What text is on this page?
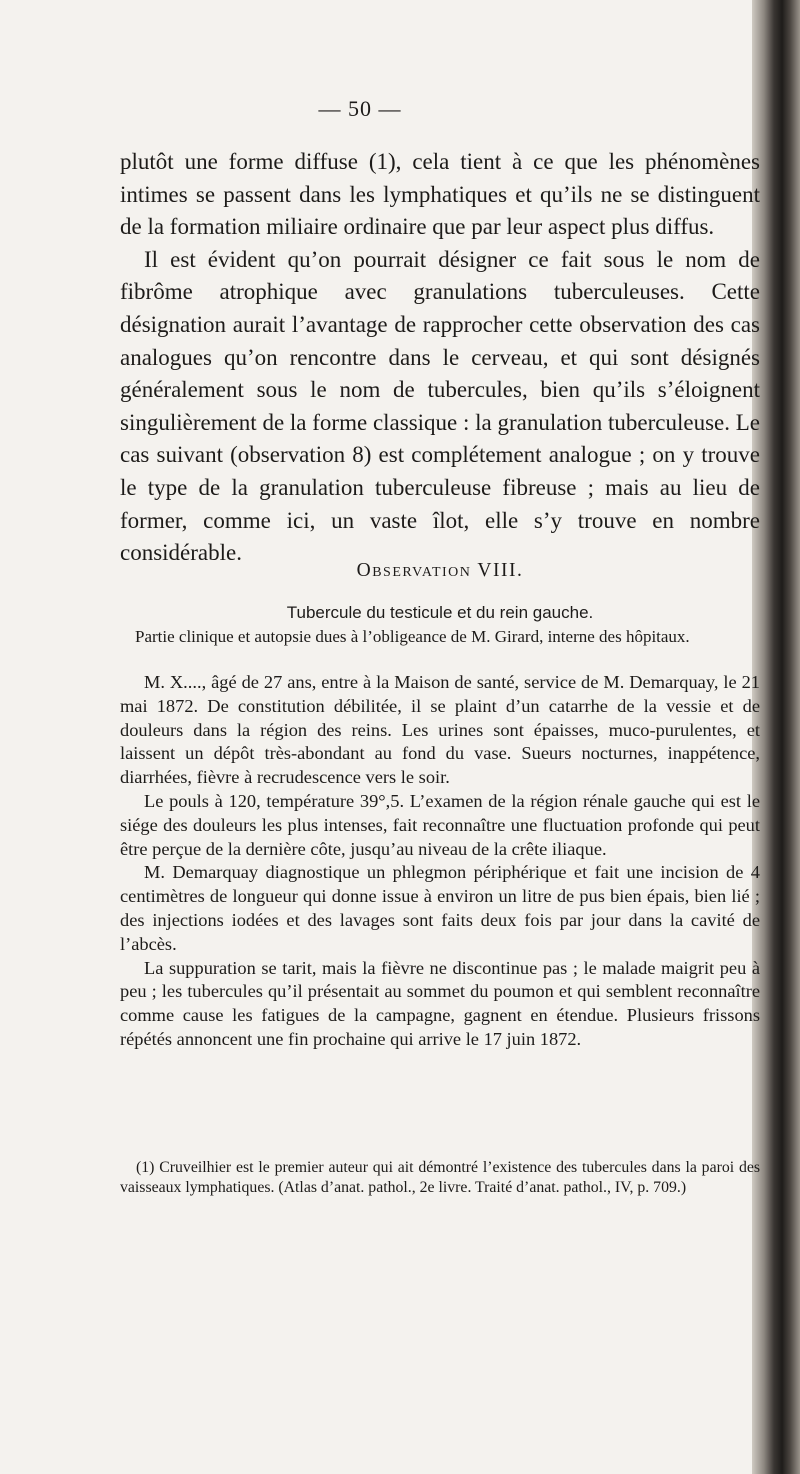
— 50 —

plutôt une forme diffuse (1), cela tient à ce que les phénomènes intimes se passent dans les lymphatiques et qu’ils ne se distinguent de la formation miliaire ordinaire que par leur aspect plus diffus.

Il est évident qu’on pourrait désigner ce fait sous le nom de fibrôme atrophique avec granulations tuberculeuses. Cette désignation aurait l’avantage de rapprocher cette observation des cas analogues qu’on rencontre dans le cerveau, et qui sont désignés généralement sous le nom de tubercules, bien qu’ils s’éloignent singulièrement de la forme classique : la granulation tuberculeuse. Le cas suivant (observation 8) est complétement analogue ; on y trouve le type de la granulation tuberculeuse fibreuse ; mais au lieu de former, comme ici, un vaste îlot, elle s’y trouve en nombre considérable.

Observation VIII.
Tubercule du testicule et du rein gauche.
Partie clinique et autopsie dues à l’obligeance de M. Girard, interne des hôpitaux.

M. X...., âgé de 27 ans, entre à la Maison de santé, service de M. Demarquay, le 21 mai 1872. De constitution débilitée, il se plaint d’un catarrhe de la vessie et de douleurs dans la région des reins. Les urines sont épaisses, muco-purulentes, et laissent un dépôt très-abondant au fond du vase. Sueurs nocturnes, inappétence, diarrhées, fièvre à recrudescence vers le soir.

Le pouls à 120, température 39°,5. L’examen de la région rénale gauche qui est le siége des douleurs les plus intenses, fait reconnaître une fluctuation profonde qui peut être perçue de la dernière côte, jusqu’au niveau de la crête iliaque.

M. Demarquay diagnostique un phlegmon périphérique et fait une incision de 4 centimètres de longueur qui donne issue à environ un litre de pus bien épais, bien lié ; des injections iodées et des lavages sont faits deux fois par jour dans la cavité de l’abcès.

La suppuration se tarit, mais la fièvre ne discontinue pas ; le malade maigrit peu à peu ; les tubercules qu’il présentait au sommet du poumon et qui semblent reconnaître comme cause les fatigues de la campagne, gagnent en étendue. Plusieurs frissons répétés annoncent une fin prochaine qui arrive le 17 juin 1872.

(1) Cruveilhier est le premier auteur qui ait démontré l’existence des tubercules dans la paroi des vaisseaux lymphatiques. (Atlas d’anat. pathol., 2e livre. Traité d’anat. pathol., IV, p. 709.)
